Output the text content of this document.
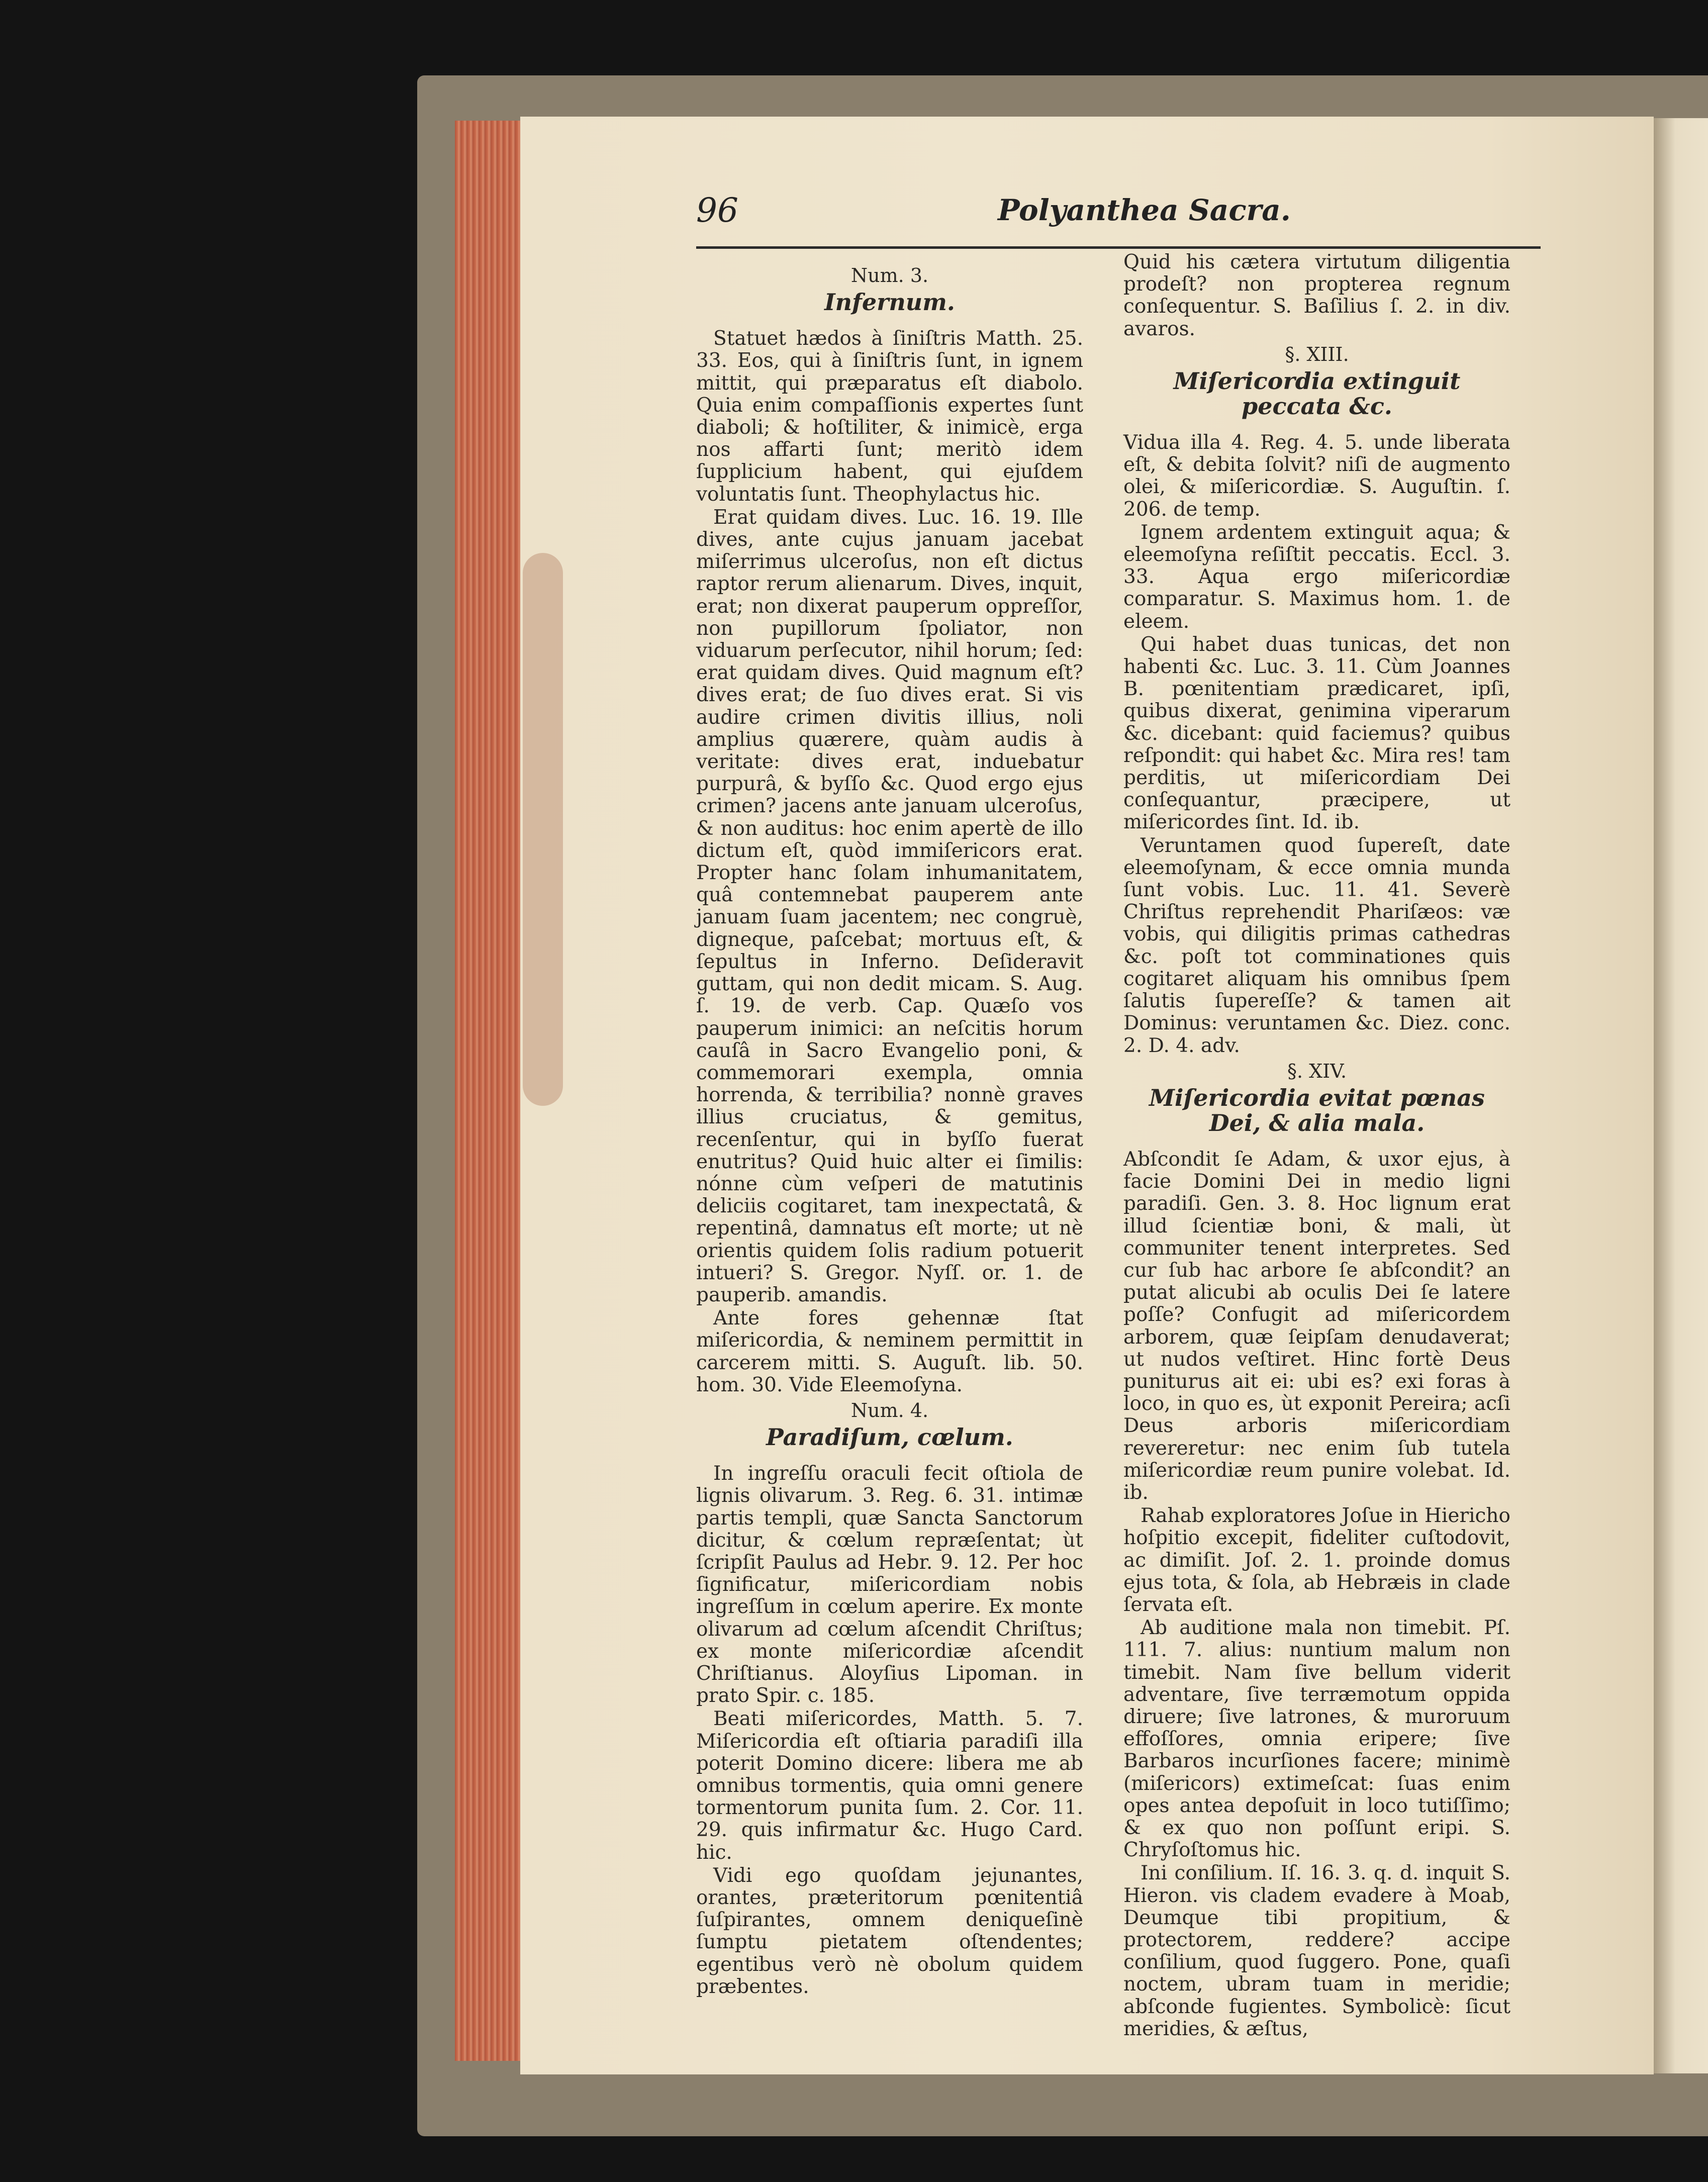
96	Polyanthea Sacra.
Num. 3.
Infernum.

Statuet hædos à ſiniſtris Matth. 25. 33. Eos, qui à ſiniſtris ſunt, in ignem mittit, qui præparatus eſt diabolo. Quia enim compaſſionis expertes ſunt diaboli; & hoſtiliter, & inimicè, erga nos affarti ſunt; meritò idem ſupplicium habent, qui ejuſdem voluntatis ſunt. Theophylactus hic.

Erat quidam dives. Luc. 16. 19. Ille dives, ante cujus januam jacebat miſerrimus ulceroſus, non eſt dictus raptor rerum alienarum. Dives, inquit, erat; non dixerat pauperum oppreſſor, non pupillorum ſpoliator, non viduarum perſecutor, nihil horum; ſed: erat quidam dives. Quid magnum eſt? dives erat; de ſuo dives erat. Si vis audire crimen divitis illius, noli amplius quærere, quàm audis à veritate: dives erat, induebatur purpurâ, & byſſo &c. Quod ergo ejus crimen? jacens ante januam ulceroſus, & non auditus: hoc enim apertè de illo dictum eſt, quòd immiſericors erat. Propter hanc ſolam inhumanitatem, quâ contemnebat pauperem ante januam ſuam jacentem; nec congruè, digneque, paſcebat; mortuus eſt, & ſepultus in Inferno. Deſideravit guttam, qui non dedit micam. S. Aug. ſ. 19. de verb. Cap. Quæſo vos pauperum inimici: an neſcitis horum cauſâ in Sacro Evangelio poni, & commemorari exempla, omnia horrenda, & terribilia? nonnè graves illius cruciatus, & gemitus, recenſentur, qui in byſſo fuerat enutritus? Quid huic alter ei ſimilis: nónne cùm veſperi de matutinis deliciis cogitaret, tam inexpectatâ, & repentinâ, damnatus eſt morte; ut nè orientis quidem ſolis radium potuerit intueri? S. Gregor. Nyſſ. or. 1. de pauperib. amandis.

Ante fores gehennæ ſtat miſericordia, & neminem permittit in carcerem mitti. S. Auguſt. lib. 50. hom. 30. Vide Eleemoſyna.

Num. 4.
Paradiſum, cœlum.

In ingreſſu oraculi fecit oſtiola de lignis olivarum. 3. Reg. 6. 31. intimæ partis templi, quæ Sancta Sanctorum dicitur, & cœlum repræſentat; ùt ſcripſit Paulus ad Hebr. 9. 12. Per hoc ſignificatur, miſericordiam nobis ingreſſum in cœlum aperire. Ex monte olivarum ad cœlum aſcendit Chriſtus; ex monte miſericordiæ aſcendit Chriſtianus. Aloyſius Lipoman. in prato Spir. c. 185.

Beati miſericordes, Matth. 5. 7. Miſericordia eſt oſtiaria paradiſi illa poterit Domino dicere: libera me ab omnibus tormentis, quia omni genere tormentorum punita ſum. 2. Cor. 11. 29. quis infirmatur &c. Hugo Card. hic.

Vidi ego quoſdam jejunantes, orantes, præteritorum pœnitentiâ ſuſpirantes, omnem deniqueſinè ſumptu pietatem oſtendentes; egentibus verò nè obolum quidem præbentes.

Quid his cætera virtutum diligentia prodeſt? non propterea regnum conſequentur. S. Baſilius ſ. 2. in div. avaros.

§. XIII.
Miſericordia extinguit peccata &c.

Vidua illa 4. Reg. 4. 5. unde liberata eſt, & debita ſolvit? niſi de augmento olei, & miſericordiæ. S. Auguſtin. ſ. 206. de temp.

Ignem ardentem extinguit aqua; & eleemoſyna reſiſtit peccatis. Eccl. 3. 33. Aqua ergo miſericordiæ comparatur. S. Maximus hom. 1. de eleem.

Qui habet duas tunicas, det non habenti &c. Luc. 3. 11. Cùm Joannes B. pœnitentiam prædicaret, ipſi, quibus dixerat, genimina viperarum &c. dicebant: quid faciemus? quibus reſpondit: qui habet &c. Mira res! tam perditis, ut miſericordiam Dei conſequantur, præcipere, ut miſericordes ſint. Id. ib.

Veruntamen quod ſupereſt, date eleemoſynam, & ecce omnia munda ſunt vobis. Luc. 11. 41. Severè Chriſtus reprehendit Phariſæos: væ vobis, qui diligitis primas cathedras &c. poſt tot comminationes quis cogitaret aliquam his omnibus ſpem ſalutis ſupereſſe? & tamen ait Dominus: veruntamen &c. Diez. conc. 2. D. 4. adv.

§. XIV.
Miſericordia evitat pœnas Dei, & alia mala.

Abſcondit ſe Adam, & uxor ejus, à facie Domini Dei in medio ligni paradiſi. Gen. 3. 8. Hoc lignum erat illud ſcientiæ boni, & mali, ùt communiter tenent interpretes. Sed cur ſub hac arbore ſe abſcondit? an putat alicubi ab oculis Dei ſe latere poſſe? Confugit ad miſericordem arborem, quæ ſeipſam denudaverat; ut nudos veſtiret. Hinc fortè Deus puniturus ait ei: ubi es? exi foras à loco, in quo es, ùt exponit Pereira; acſi Deus arboris miſericordiam revereretur: nec enim ſub tutela miſericordiæ reum punire volebat. Id. ib.

Rahab exploratores Joſue in Hiericho hoſpitio excepit, fideliter cuſtodovit, ac dimiſit. Joſ. 2. 1. proinde domus ejus tota, & ſola, ab Hebræis in clade ſervata eſt.

Ab auditione mala non timebit. Pſ. 111. 7. alius: nuntium malum non timebit. Nam ſive bellum viderit adventare, ſive terræmotum oppida diruere; ſive latrones, & muroruum effoſſores, omnia eripere; ſive Barbaros incurſiones facere; minimè (miſericors) extimeſcat: ſuas enim opes antea depoſuit in loco tutiſſimo; & ex quo non poſſunt eripi. S. Chryſoſtomus hic.

Ini conſilium. Iſ. 16. 3. q. d. inquit S. Hieron. vis cladem evadere à Moab, Deumque tibi propitium, & protectorem, reddere? accipe conſilium, quod ſuggero. Pone, quaſi noctem, ubram tuam in meridie; abſconde fugientes. Symbolicè: ſicut meridies, & æſtus,
